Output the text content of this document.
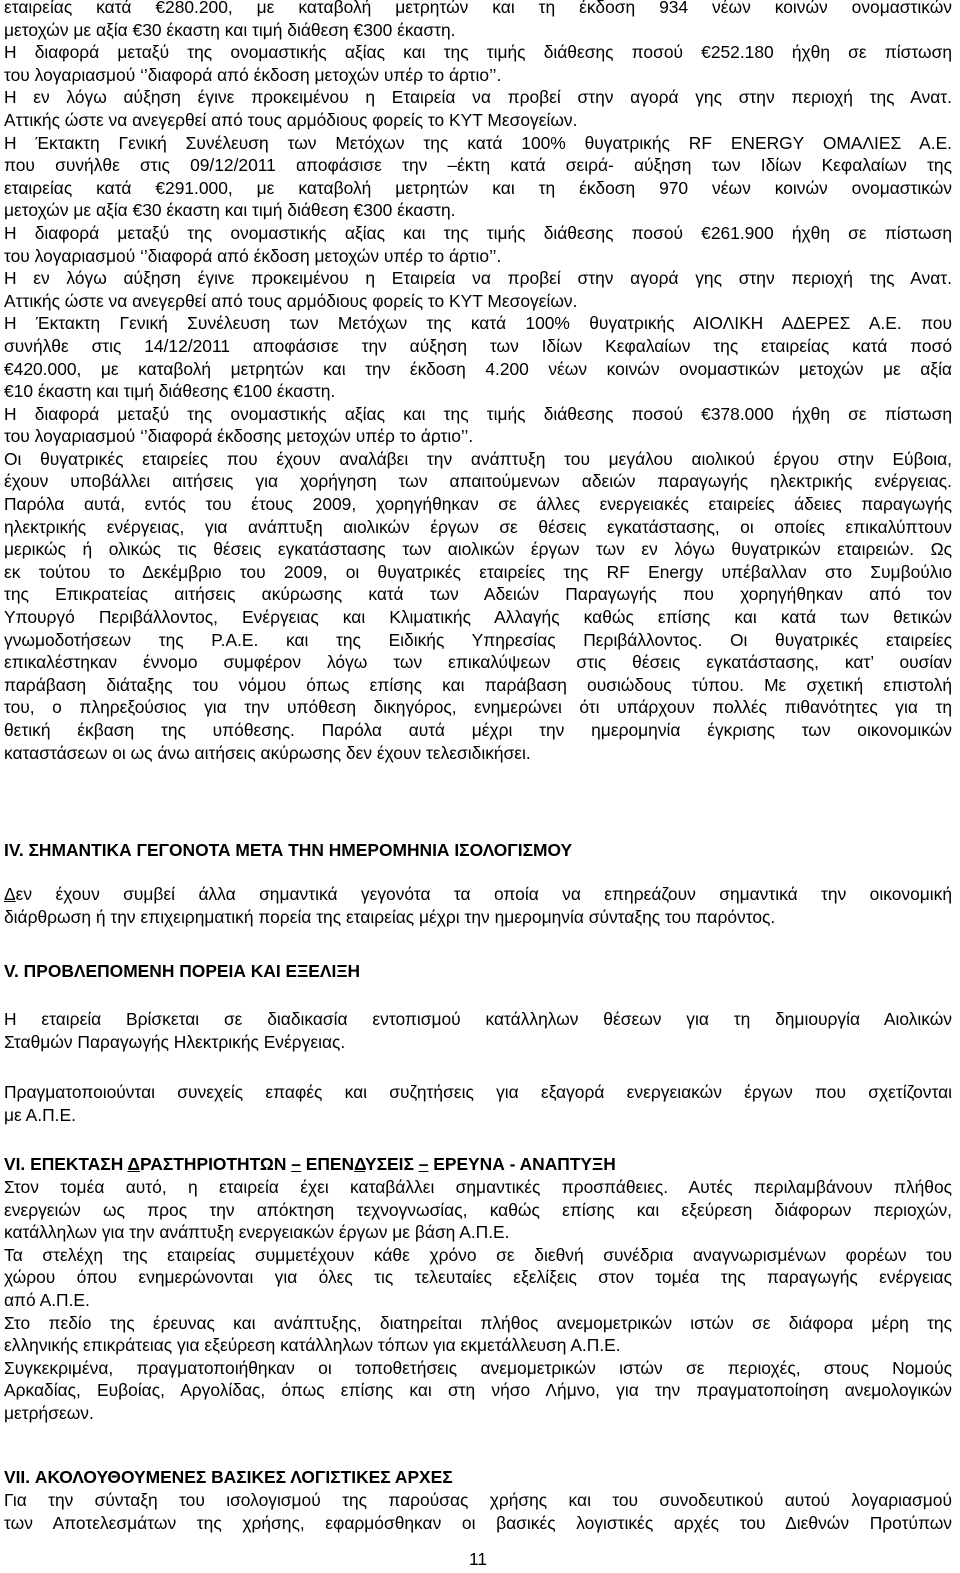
εταιρείας κατά €280.200, με καταβολή μετρητών και τη έκδοση 934 νέων κοινών ονομαστικών
μετοχών με αξία €30 έκαστη και τιμή διάθεση €300 έκαστη.
Η διαφορά μεταξύ της ονομαστικής αξίας και της τιμής διάθεσης ποσού €252.180 ήχθη σε πίστωση
του λογαριασμού ‘’διαφορά από έκδοση μετοχών υπέρ το άρτιο’’.
Η εν λόγω αύξηση έγινε προκειμένου η Εταιρεία να προβεί στην αγορά γης στην περιοχή της Ανατ.
Αττικής ώστε να ανεγερθεί από τους αρμόδιους φορείς το ΚΥΤ Μεσογείων.
Η Έκτακτη Γενική Συνέλευση των Μετόχων της κατά 100% θυγατρικής RF ENERGY ΟΜΑΛΙΕΣ Α.Ε.
που συνήλθε στις 09/12/2011 αποφάσισε την –έκτη κατά σειρά- αύξηση των Ιδίων Κεφαλαίων της
εταιρείας κατά €291.000, με καταβολή μετρητών και τη έκδοση 970 νέων κοινών ονομαστικών
μετοχών με αξία €30 έκαστη και τιμή διάθεση €300 έκαστη.
Η διαφορά μεταξύ της ονομαστικής αξίας και της τιμής διάθεσης ποσού €261.900 ήχθη σε πίστωση
του λογαριασμού ‘’διαφορά από έκδοση μετοχών υπέρ το άρτιο’’.
Η εν λόγω αύξηση έγινε προκειμένου η Εταιρεία να προβεί στην αγορά γης στην περιοχή της Ανατ.
Αττικής ώστε να ανεγερθεί από τους αρμόδιους φορείς το ΚΥΤ Μεσογείων.
Η Έκτακτη Γενική Συνέλευση των Μετόχων της κατά 100% θυγατρικής ΑΙΟΛΙΚΗ ΑΔΕΡΕΣ Α.Ε. που
συνήλθε στις 14/12/2011 αποφάσισε την αύξηση των Ιδίων Κεφαλαίων της εταιρείας κατά ποσό
€420.000, με καταβολή μετρητών και την έκδοση 4.200 νέων κοινών ονομαστικών μετοχών με αξία
€10 έκαστη και τιμή διάθεσης €100 έκαστη.
Η διαφορά μεταξύ της ονομαστικής αξίας και της τιμής διάθεσης ποσού €378.000 ήχθη σε πίστωση
του λογαριασμού ‘’διαφορά έκδοσης μετοχών υπέρ το άρτιο’’.
Οι θυγατρικές εταιρείες που έχουν αναλάβει την ανάπτυξη του μεγάλου αιολικού έργου στην Εύβοια,
έχουν υποβάλλει αιτήσεις για χορήγηση των απαιτούμενων αδειών παραγωγής ηλεκτρικής ενέργειας.
Παρόλα αυτά, εντός του έτους 2009, χορηγήθηκαν σε άλλες ενεργειακές εταιρείες άδειες παραγωγής
ηλεκτρικής ενέργειας, για ανάπτυξη αιολικών έργων σε θέσεις εγκατάστασης, οι οποίες επικαλύπτουν
μερικώς ή ολικώς τις θέσεις εγκατάστασης των αιολικών έργων των εν λόγω θυγατρικών εταιρειών. Ως
εκ τούτου το Δεκέμβριο του 2009, οι θυγατρικές εταιρείες της RF Energy υπέβαλλαν στο Συμβούλιο
της Επικρατείας αιτήσεις ακύρωσης κατά των Αδειών Παραγωγής που χορηγήθηκαν από τον
Υπουργό Περιβάλλοντος, Ενέργειας και Κλιματικής Αλλαγής καθώς επίσης και κατά των θετικών
γνωμοδοτήσεων της Ρ.Α.Ε. και της Ειδικής Υπηρεσίας Περιβάλλοντος. Οι θυγατρικές εταιρείες
επικαλέστηκαν έννομο συμφέρον λόγω των επικαλύψεων στις θέσεις εγκατάστασης, κατ’ ουσίαν
παράβαση διάταξης του νόμου όπως επίσης και παράβαση ουσιώδους τύπου. Με σχετική επιστολή
του, ο πληρεξούσιος για την υπόθεση δικηγόρος, ενημερώνει ότι υπάρχουν πολλές πιθανότητες για τη
θετική έκβαση της υπόθεσης. Παρόλα αυτά μέχρι την ημερομηνία έγκρισης των οικονομικών
καταστάσεων οι ως άνω αιτήσεις ακύρωσης δεν έχουν τελεσιδικήσει.
IV. ΣΗΜΑΝΤΙΚΑ ΓΕΓΟΝΟΤΑ ΜΕΤΑ ΤΗΝ ΗΜΕΡΟΜΗΝΙΑ ΙΣΟΛΟΓΙΣΜΟΥ
Δεν έχουν συμβεί άλλα σημαντικά γεγονότα τα οποία να επηρεάζουν σημαντικά την οικονομική
διάρθρωση ή την επιχειρηματική πορεία της εταιρείας μέχρι την ημερομηνία σύνταξης του παρόντος.
V. ΠΡΟΒΛΕΠΟΜΕΝΗ ΠΟΡΕΙΑ ΚΑΙ ΕΞΕΛΙΞΗ
Η εταιρεία Βρίσκεται σε διαδικασία εντοπισμού κατάλληλων θέσεων για τη δημιουργία Αιολικών
Σταθμών Παραγωγής Ηλεκτρικής Ενέργειας.
Πραγματοποιούνται συνεχείς επαφές και συζητήσεις για εξαγορά ενεργειακών έργων που σχετίζονται
με Α.Π.Ε.
VI. ΕΠΕΚΤΑΣΗ ΔΡΑΣΤΗΡΙΟΤΗΤΩΝ – ΕΠΕΝΔΥΣΕΙΣ – ΕΡΕΥΝΑ - ΑΝΑΠΤΥΞΗ
Στον τομέα αυτό, η εταιρεία έχει καταβάλλει σημαντικές προσπάθειες. Αυτές περιλαμβάνουν πλήθος
ενεργειών ως προς την απόκτηση τεχνογνωσίας, καθώς επίσης και εξεύρεση διάφορων περιοχών,
κατάλληλων για την ανάπτυξη ενεργειακών έργων με βάση Α.Π.Ε.
Τα στελέχη της εταιρείας συμμετέχουν κάθε χρόνο σε διεθνή συνέδρια αναγνωρισμένων φορέων του
χώρου όπου ενημερώνονται για όλες τις τελευταίες εξελίξεις στον τομέα της παραγωγής ενέργειας
από Α.Π.Ε.
Στο πεδίο της έρευνας και ανάπτυξης, διατηρείται πλήθος ανεμομετρικών ιστών σε διάφορα μέρη της
ελληνικής επικράτειας για εξεύρεση κατάλληλων τόπων για εκμετάλλευση Α.Π.Ε.
Συγκεκριμένα, πραγματοποιήθηκαν οι τοποθετήσεις ανεμομετρικών ιστών σε περιοχές, στους Νομούς
Αρκαδίας, Ευβοίας, Αργολίδας, όπως επίσης και στη νήσο Λήμνο, για την πραγματοποίηση ανεμολογικών
μετρήσεων.
VII. ΑΚΟΛΟΥΘΟΥΜΕΝΕΣ ΒΑΣΙΚΕΣ ΛΟΓΙΣΤΙΚΕΣ ΑΡΧΕΣ
Για την σύνταξη του ισολογισμού της παρούσας χρήσης και του συνοδευτικού αυτού λογαριασμού
των Αποτελεσμάτων της χρήσης, εφαρμόσθηκαν οι βασικές λογιστικές αρχές του Διεθνών Προτύπων
11
